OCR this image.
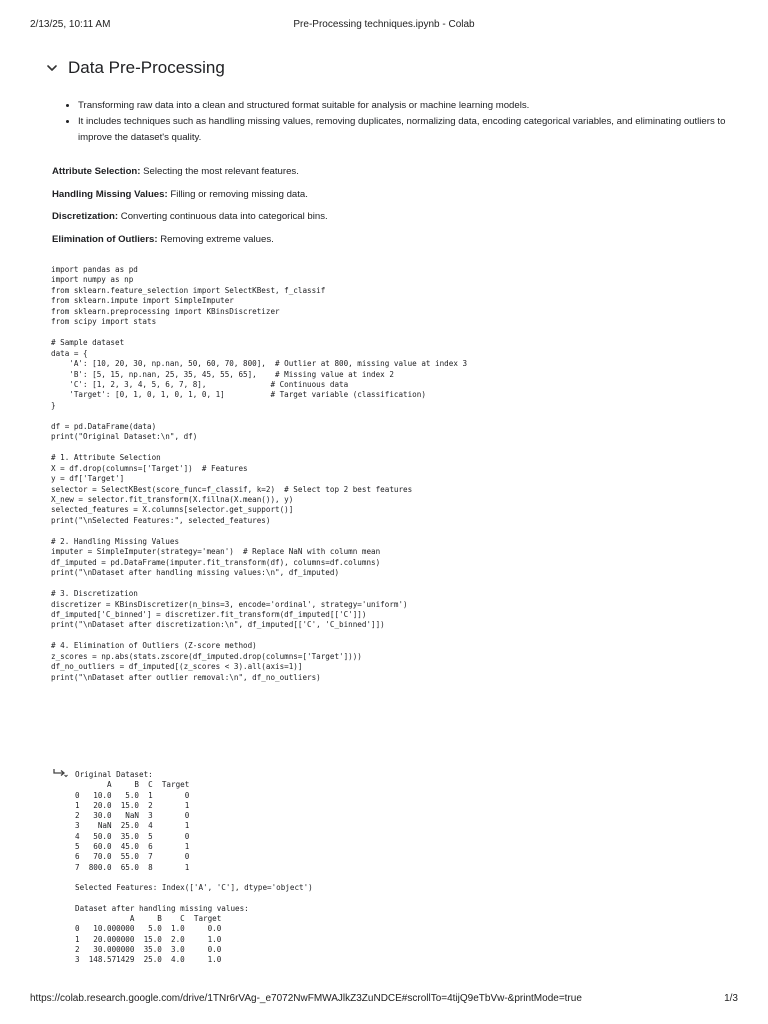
2/13/25, 10:11 AM	Pre-Processing techniques.ipynb - Colab
Data Pre-Processing
• Transforming raw data into a clean and structured format suitable for analysis or machine learning models.
• It includes techniques such as handling missing values, removing duplicates, normalizing data, encoding categorical variables, and eliminating outliers to improve the dataset's quality.

Attribute Selection: Selecting the most relevant features.

Handling Missing Values: Filling or removing missing data.

Discretization: Converting continuous data into categorical bins.

Elimination of Outliers: Removing extreme values.

import pandas as pd
import numpy as np
from sklearn.feature_selection import SelectKBest, f_classif
from sklearn.impute import SimpleImputer
from sklearn.preprocessing import KBinsDiscretizer
from scipy import stats

# Sample dataset
data = {
'A': [10, 20, 30, np.nan, 50, 60, 70, 800],  # Outlier at 800, missing value at index 3
'B': [5, 15, np.nan, 25, 35, 45, 55, 65],    # Missing value at index 2
'C': [1, 2, 3, 4, 5, 6, 7, 8],              # Continuous data
'Target': [0, 1, 0, 1, 0, 1, 0, 1]          # Target variable (classification)
}

df = pd.DataFrame(data)
print("Original Dataset:\n", df)

# 1. Attribute Selection
X = df.drop(columns=['Target'])  # Features
y = df['Target']
selector = SelectKBest(score_func=f_classif, k=2)  # Select top 2 best features
X_new = selector.fit_transform(X.fillna(X.mean()), y)
selected_features = X.columns[selector.get_support()]
print("\nSelected Features:", selected_features)

# 2. Handling Missing Values
imputer = SimpleImputer(strategy='mean')  # Replace NaN with column mean
df_imputed = pd.DataFrame(imputer.fit_transform(df), columns=df.columns)
print("\nDataset after handling missing values:\n", df_imputed)

# 3. Discretization
discretizer = KBinsDiscretizer(n_bins=3, encode='ordinal', strategy='uniform')
df_imputed['C_binned'] = discretizer.fit_transform(df_imputed[['C']])
print("\nDataset after discretization:\n", df_imputed[['C', 'C_binned']])

# 4. Elimination of Outliers (Z-score method)
z_scores = np.abs(stats.zscore(df_imputed.drop(columns=['Target'])))
df_no_outliers = df_imputed[(z_scores < 3).all(axis=1)]
print("\nDataset after outlier removal:\n", df_no_outliers)
Original Dataset:
A     B  C  Target
0   10.0   5.0  1       0
1   20.0  15.0  2       1
2   30.0   NaN  3       0
3    NaN  25.0  4       1
4   50.0  35.0  5       0
5   60.0  45.0  6       1
6   70.0  55.0  7       0
7  800.0  65.0  8       1

Selected Features: Index(['A', 'C'], dtype='object')

Dataset after handling missing values:
A     B    C  Target
0   10.000000   5.0  1.0     0.0
1   20.000000  15.0  2.0     1.0
2   30.000000  35.0  3.0     0.0
3  148.571429  25.0  4.0     1.0
https://colab.research.google.com/drive/1TNr6rVAg-_e7072NwFMWAJlkZ3ZuNDCE#scrollTo=4tijQ9eTbVw-&printMode=true	1/3
